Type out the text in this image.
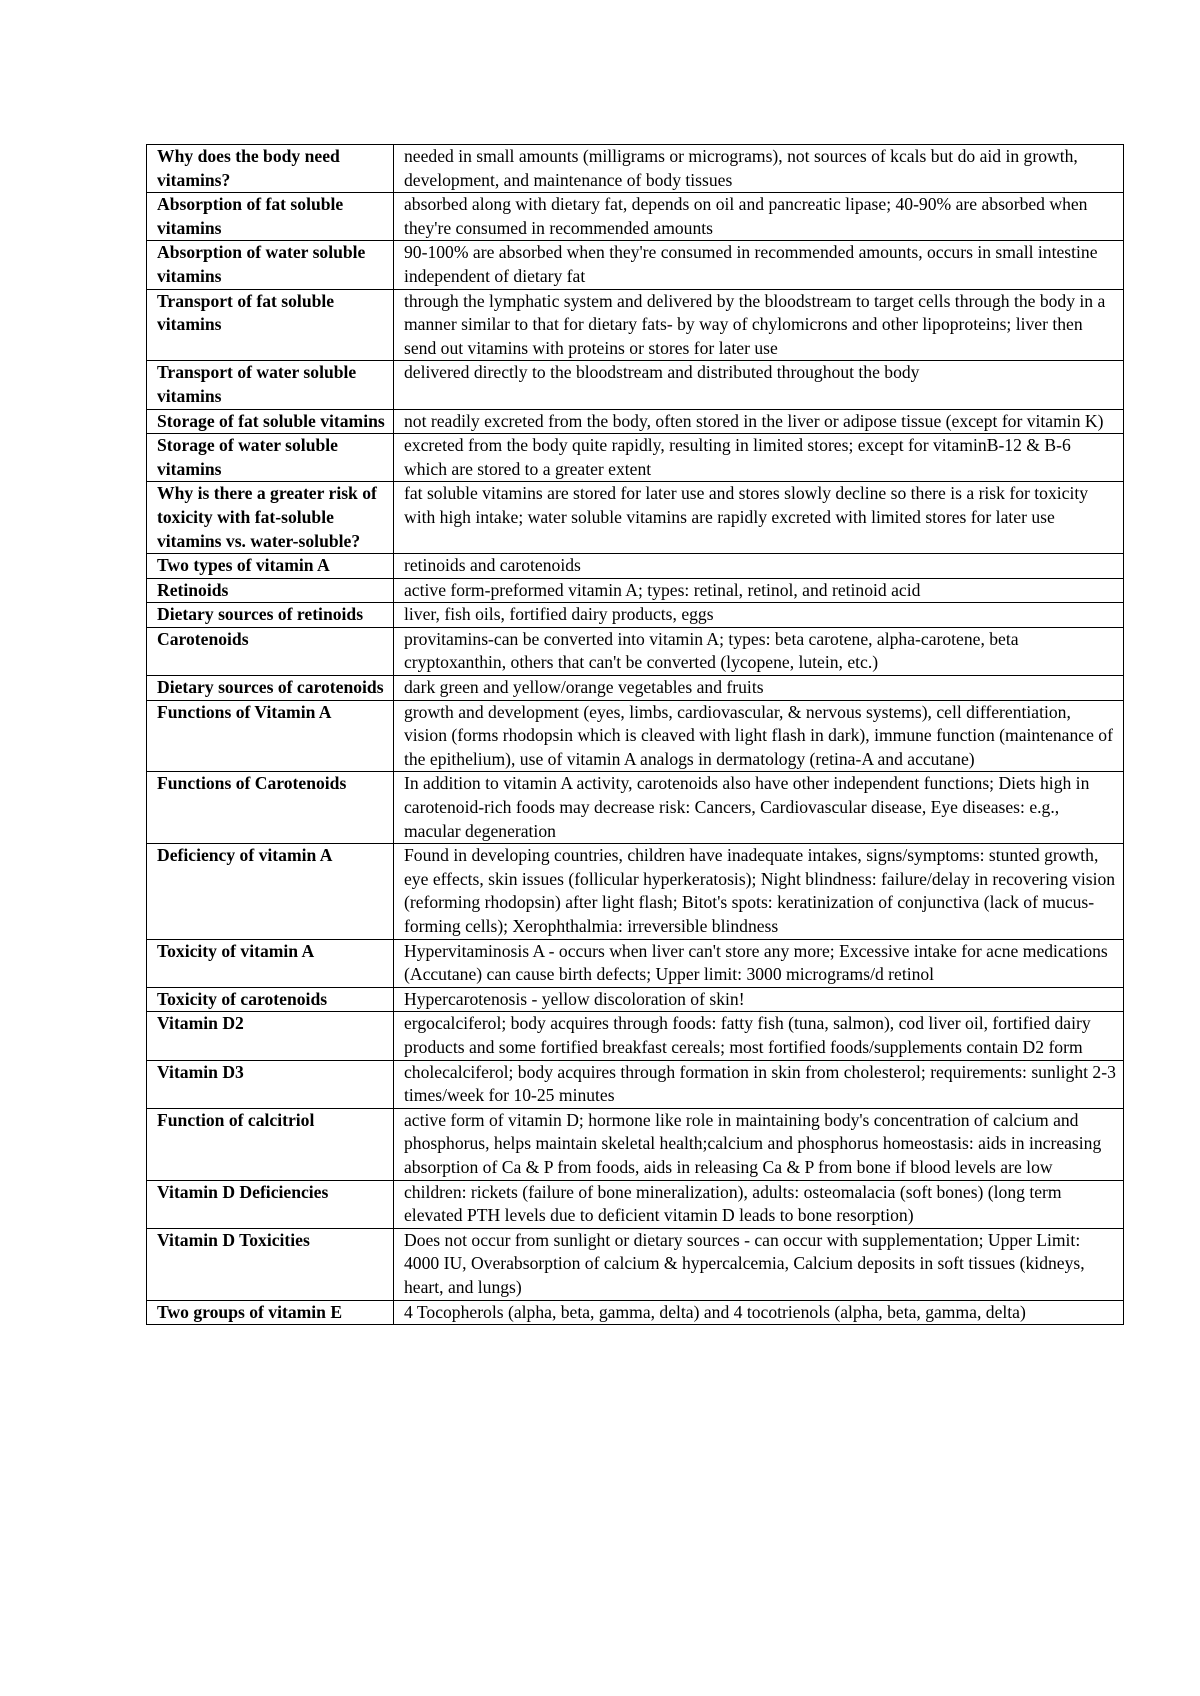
Why does the body need vitamins?	needed in small amounts (milligrams or micrograms), not sources of kcals but do aid in growth, development, and maintenance of body tissues
Absorption of fat soluble vitamins	absorbed along with dietary fat, depends on oil and pancreatic lipase; 40-90% are absorbed when they're consumed in recommended amounts
Absorption of water soluble vitamins	90-100% are absorbed when they're consumed in recommended amounts, occurs in small intestine independent of dietary fat
Transport of fat soluble vitamins	through the lymphatic system and delivered by the bloodstream to target cells through the body in a manner similar to that for dietary fats- by way of chylomicrons and other lipoproteins; liver then send out vitamins with proteins or stores for later use
Transport of water soluble vitamins	delivered directly to the bloodstream and distributed throughout the body
Storage of fat soluble vitamins	not readily excreted from the body, often stored in the liver or adipose tissue (except for vitamin K)
Storage of water soluble vitamins	excreted from the body quite rapidly, resulting in limited stores; except for vitaminB-12 & B-6 which are stored to a greater extent
Why is there a greater risk of toxicity with fat-soluble vitamins vs. water-soluble?	fat soluble vitamins are stored for later use and stores slowly decline so there is a risk for toxicity with high intake; water soluble vitamins are rapidly excreted with limited stores for later use
Two types of vitamin A	retinoids and carotenoids
Retinoids	active form-preformed vitamin A; types: retinal, retinol, and retinoid acid
Dietary sources of retinoids	liver, fish oils, fortified dairy products, eggs
Carotenoids	provitamins-can be converted into vitamin A; types: beta carotene, alpha-carotene, beta cryptoxanthin, others that can't be converted (lycopene, lutein, etc.)
Dietary sources of carotenoids	dark green and yellow/orange vegetables and fruits
Functions of Vitamin A	growth and development (eyes, limbs, cardiovascular, & nervous systems), cell differentiation, vision (forms rhodopsin which is cleaved with light flash in dark), immune function (maintenance of the epithelium), use of vitamin A analogs in dermatology (retina-A and accutane)
Functions of Carotenoids	In addition to vitamin A activity, carotenoids also have other independent functions; Diets high in carotenoid-rich foods may decrease risk: Cancers, Cardiovascular disease, Eye diseases: e.g., macular degeneration
Deficiency of vitamin A	Found in developing countries, children have inadequate intakes, signs/symptoms: stunted growth, eye effects, skin issues (follicular hyperkeratosis); Night blindness: failure/delay in recovering vision (reforming rhodopsin) after light flash; Bitot's spots: keratinization of conjunctiva (lack of mucus-forming cells); Xerophthalmia: irreversible blindness
Toxicity of vitamin A	Hypervitaminosis A - occurs when liver can't store any more; Excessive intake for acne medications (Accutane) can cause birth defects; Upper limit: 3000 micrograms/d retinol
Toxicity of carotenoids	Hypercarotenosis - yellow discoloration of skin!
Vitamin D2	ergocalciferol; body acquires through foods: fatty fish (tuna, salmon), cod liver oil, fortified dairy products and some fortified breakfast cereals; most fortified foods/supplements contain D2 form
Vitamin D3	cholecalciferol; body acquires through formation in skin from cholesterol; requirements: sunlight 2-3 times/week for 10-25 minutes
Function of calcitriol	active form of vitamin D; hormone like role in maintaining body's concentration of calcium and phosphorus, helps maintain skeletal health;calcium and phosphorus homeostasis: aids in increasing absorption of Ca & P from foods, aids in releasing Ca & P from bone if blood levels are low
Vitamin D Deficiencies	children: rickets (failure of bone mineralization), adults: osteomalacia (soft bones) (long term elevated PTH levels due to deficient vitamin D leads to bone resorption)
Vitamin D Toxicities	Does not occur from sunlight or dietary sources - can occur with supplementation; Upper Limit: 4000 IU, Overabsorption of calcium & hypercalcemia, Calcium deposits in soft tissues (kidneys, heart, and lungs)
Two groups of vitamin E	4 Tocopherols (alpha, beta, gamma, delta) and 4 tocotrienols (alpha, beta, gamma, delta)
